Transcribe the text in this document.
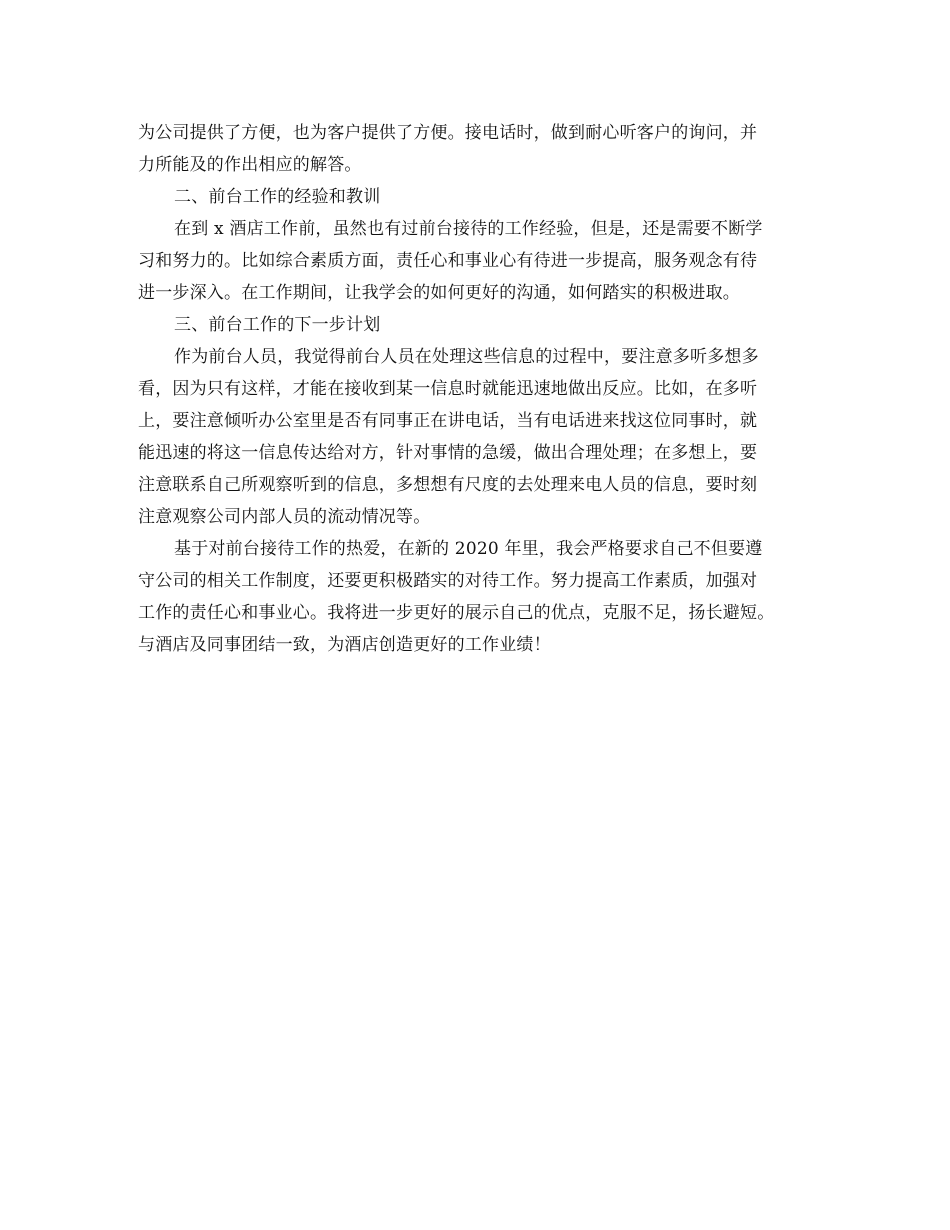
为公司提供了方便，也为客户提供了方便。接电话时，做到耐心听客户的询问，并
力所能及的作出相应的解答。
二、前台工作的经验和教训
在到 x 酒店工作前，虽然也有过前台接待的工作经验，但是，还是需要不断学
习和努力的。比如综合素质方面，责任心和事业心有待进一步提高，服务观念有待
进一步深入。在工作期间，让我学会的如何更好的沟通，如何踏实的积极进取。
三、前台工作的下一步计划
作为前台人员，我觉得前台人员在处理这些信息的过程中，要注意多听多想多
看，因为只有这样，才能在接收到某一信息时就能迅速地做出反应。比如，在多听
上，要注意倾听办公室里是否有同事正在讲电话，当有电话进来找这位同事时，就
能迅速的将这一信息传达给对方，针对事情的急缓，做出合理处理；在多想上，要
注意联系自己所观察听到的信息，多想想有尺度的去处理来电人员的信息，要时刻
注意观察公司内部人员的流动情况等。
基于对前台接待工作的热爱，在新的 2020 年里，我会严格要求自己不但要遵
守公司的相关工作制度，还要更积极踏实的对待工作。努力提高工作素质，加强对
工作的责任心和事业心。我将进一步更好的展示自己的优点，克服不足，扬长避短。
与酒店及同事团结一致，为酒店创造更好的工作业绩！
